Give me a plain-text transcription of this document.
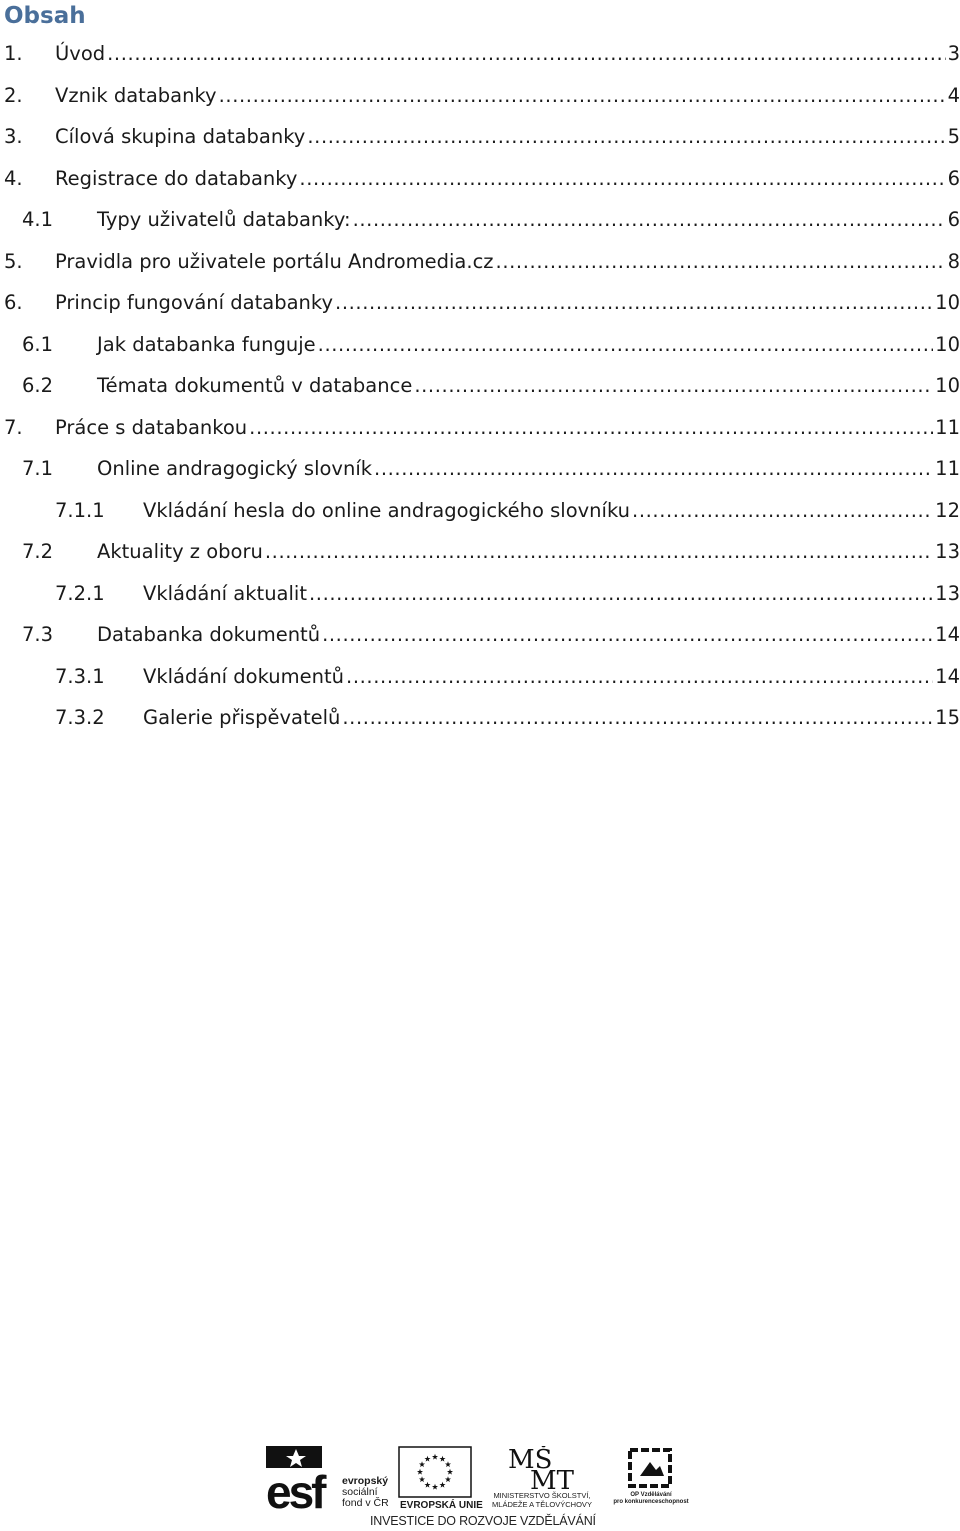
Obsah
1.	Úvod .....	3
2.	Vznik databanky .....	4
3.	Cílová skupina databanky .....	5
4.	Registrace do databanky .....	6
4.1	Typy uživatelů databanky: .....	6
5.	Pravidla pro uživatele portálu Andromedia.cz .....	8
6.	Princip fungování databanky .....	10
6.1	Jak databanka funguje .....	10
6.2	Témata dokumentů v databance .....	10
7.	Práce s databankou .....	11
7.1	Online andragogický slovník .....	11
7.1.1	Vkládání hesla do online andragogického slovníku .....	12
7.2	Aktuality z oboru .....	13
7.2.1	Vkládání aktualit .....	13
7.3	Databanka dokumentů .....	14
7.3.1	Vkládání dokumentů .....	14
7.3.2	Galerie přispěvatelů .....	15
esf	evropský
sociální
fond v ČR EVROPSKÁ UNIE
MŠ
MT
MINISTERSTVO ŠKOLSTVÍ,
MLÁDEŽE A TĚLOVÝCHOVY
OP Vzdělávání
pro konkurenceschopnost
INVESTICE DO ROZVOJE VZDĚLÁVÁNÍ
